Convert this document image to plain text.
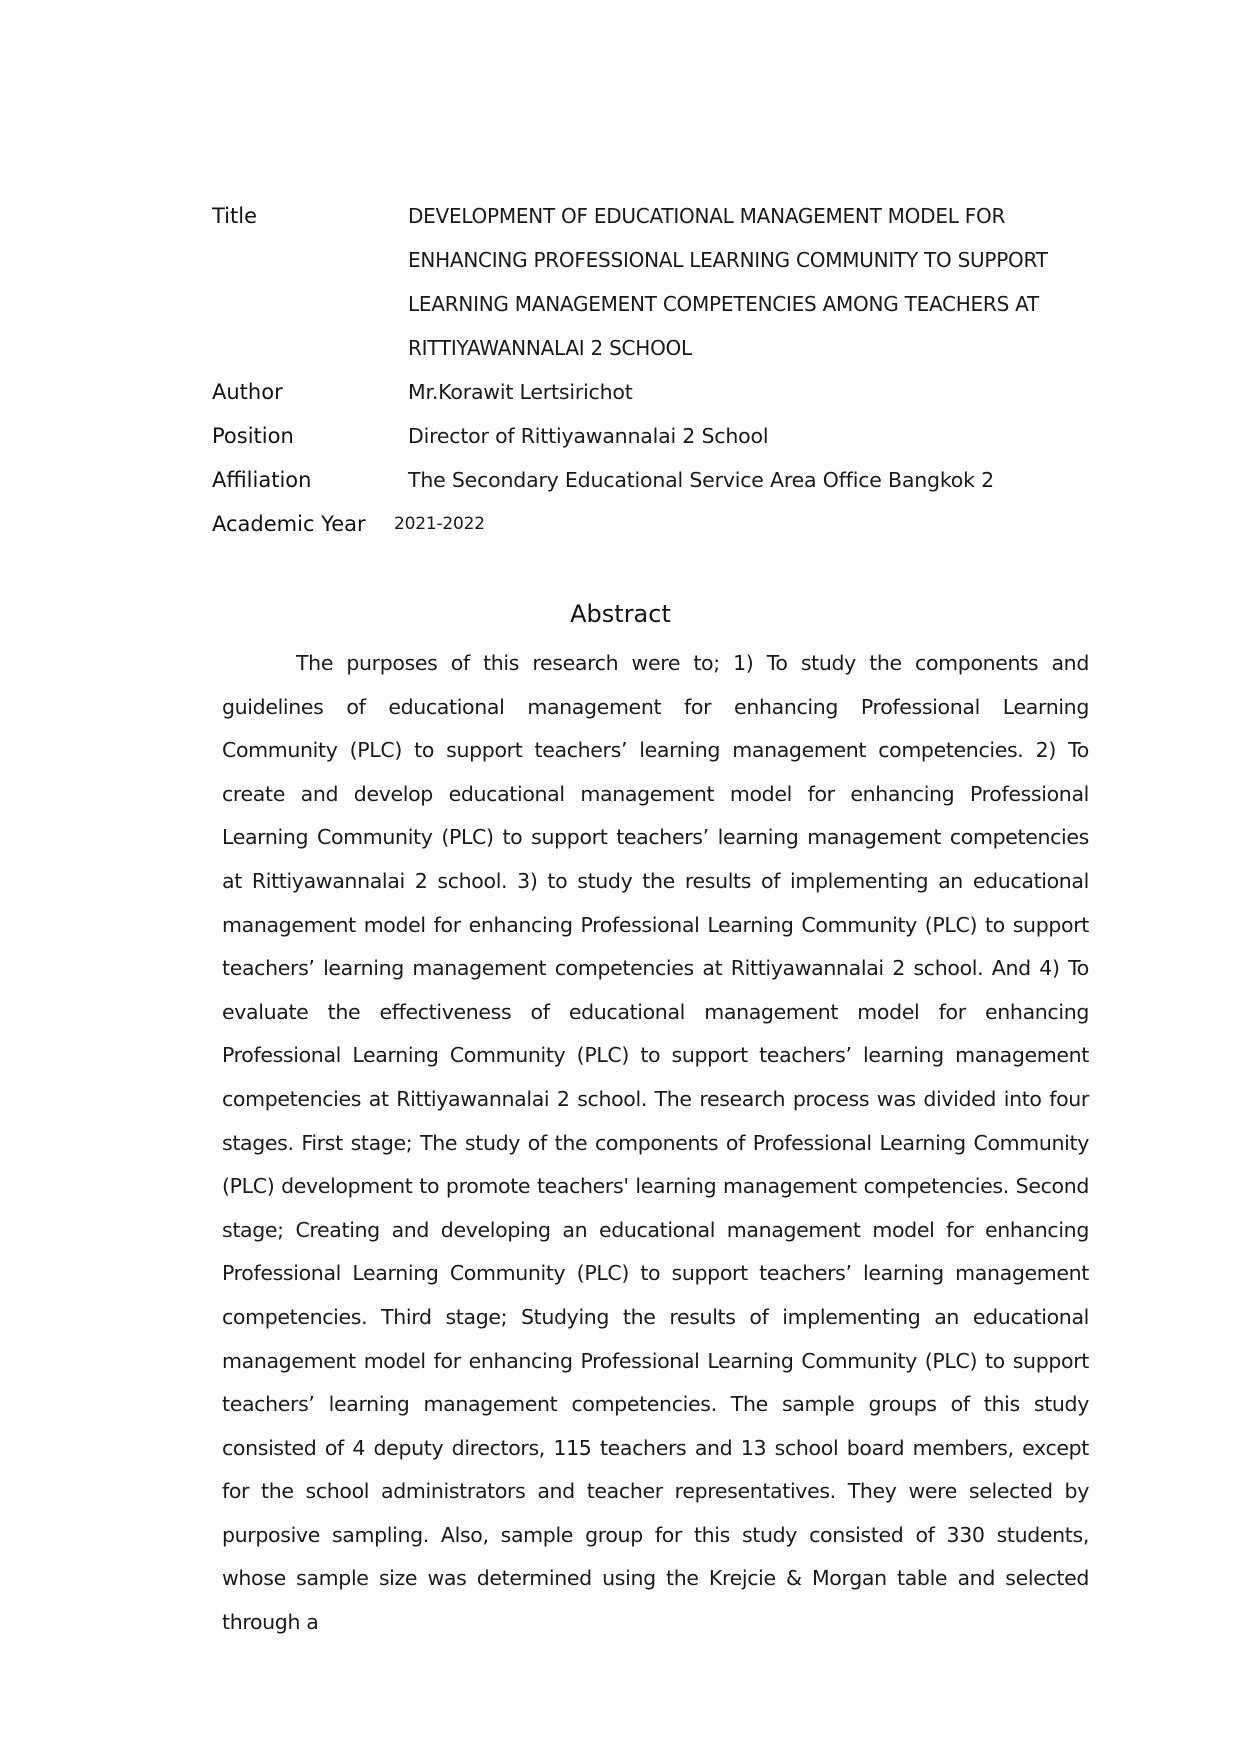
Title	DEVELOPMENT OF EDUCATIONAL MANAGEMENT MODEL FOR ENHANCING PROFESSIONAL LEARNING COMMUNITY TO SUPPORT LEARNING MANAGEMENT COMPETENCIES AMONG TEACHERS AT RITTIYAWANNALAI 2 SCHOOL
Author	Mr.Korawit Lertsirichot
Position	Director of Rittiyawannalai 2 School
Affiliation	The Secondary Educational Service Area Office Bangkok 2
Academic Year	2021-2022
Abstract

The purposes of this research were to; 1) To study the components and guidelines of educational management for enhancing Professional Learning Community (PLC) to support teachers’ learning management competencies. 2) To create and develop educational management model for enhancing Professional Learning Community (PLC) to support teachers’ learning management competencies at Rittiyawannalai 2 school. 3) to study the results of implementing an educational management model for enhancing Professional Learning Community (PLC) to support teachers’ learning management competencies at Rittiyawannalai 2 school. And 4) To evaluate the effectiveness of educational management model for enhancing Professional Learning Community (PLC) to support teachers’ learning management competencies at Rittiyawannalai 2 school. The research process was divided into four stages. First stage; The study of the components of Professional Learning Community (PLC) development to promote teachers' learning management competencies. Second stage; Creating and developing an educational management model for enhancing Professional Learning Community (PLC) to support teachers’ learning management competencies. Third stage; Studying the results of implementing an educational management model for enhancing Professional Learning Community (PLC) to support teachers’ learning management competencies. The sample groups of this study consisted of 4 deputy directors, 115 teachers and 13 school board members, except for the school administrators and teacher representatives. They were selected by purposive sampling. Also, sample group for this study consisted of 330 students, whose sample size was determined using the Krejcie & Morgan table and selected through a
